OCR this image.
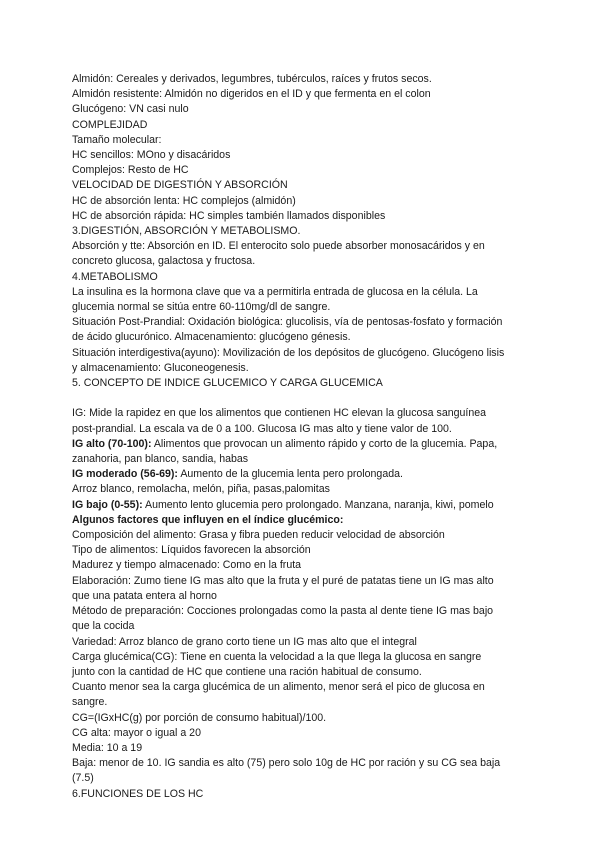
Almidón: Cereales y derivados, legumbres, tubérculos, raíces y frutos secos.
Almidón resistente: Almidón no digeridos en el ID y que fermenta en el colon
Glucógeno: VN casi nulo
COMPLEJIDAD
Tamaño molecular:
HC sencillos: MOno y disacáridos
Complejos: Resto de HC
VELOCIDAD DE DIGESTIÓN Y ABSORCIÓN
HC de absorción lenta: HC complejos (almidón)
HC de absorción rápida: HC simples también llamados disponibles
3.DIGESTIÓN, ABSORCIÓN Y METABOLISMO.
Absorción y tte: Absorción en ID. El enterocito solo puede absorber monosacáridos y en
concreto glucosa, galactosa y fructosa.
4.METABOLISMO
La insulina es la hormona clave que va a permitirla entrada de glucosa en la célula. La
glucemia normal se sitúa entre 60-110mg/dl de sangre.
Situación Post-Prandial: Oxidación biológica: glucolisis, vía de pentosas-fosfato y formación
de ácido glucurónico. Almacenamiento: glucógeno génesis.
Situación interdigestiva(ayuno): Movilización de los depósitos de glucógeno. Glucógeno lisis
y almacenamiento: Gluconeogenesis.
5. CONCEPTO DE INDICE GLUCEMICO Y CARGA GLUCEMICA
IG: Mide la rapidez en que los alimentos que contienen HC elevan la glucosa sanguínea
post-prandial. La escala va de 0 a 100. Glucosa IG mas alto y tiene valor de 100.
IG alto (70-100): Alimentos que provocan un alimento rápido y corto de la glucemia. Papa,
zanahoria, pan blanco, sandia, habas
IG moderado (56-69): Aumento de la glucemia lenta pero prolongada.
Arroz blanco, remolacha, melón, piña, pasas,palomitas
IG bajo (0-55): Aumento lento glucemia pero prolongado. Manzana, naranja, kiwi, pomelo
Algunos factores que influyen en el índice glucémico:
Composición del alimento: Grasa y fibra pueden reducir velocidad de absorción
Tipo de alimentos: Líquidos favorecen la absorción
Madurez y tiempo almacenado: Como en la fruta
Elaboración: Zumo tiene IG mas alto que la fruta y el puré de patatas tiene un IG mas alto
que una patata entera al horno
Método de preparación: Cocciones prolongadas como la pasta al dente tiene IG mas bajo
que la cocida
Variedad: Arroz blanco de grano corto tiene un IG mas alto que el integral
Carga glucémica(CG): Tiene en cuenta la velocidad a la que llega la glucosa en sangre
junto con la cantidad de HC que contiene una ración habitual de consumo.
Cuanto menor sea la carga glucémica de un alimento, menor será el pico de glucosa en
sangre.
CG=(IGxHC(g) por porción de consumo habitual)/100.
CG alta: mayor o igual a 20
Media: 10 a 19
Baja: menor de 10. IG sandia es alto (75) pero solo 10g de HC por ración y su CG sea baja
(7.5)
6.FUNCIONES DE LOS HC
